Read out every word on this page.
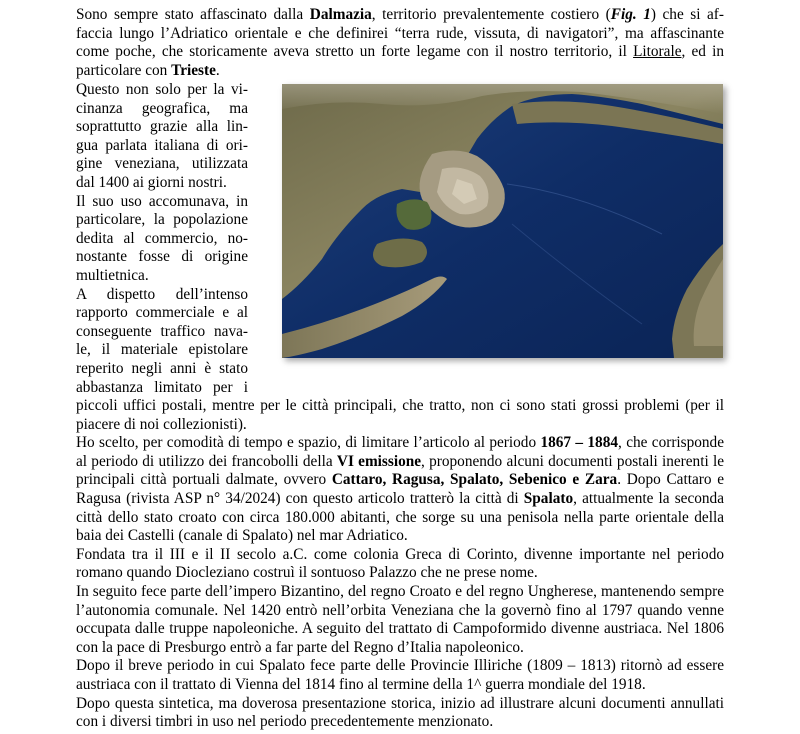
Sono sempre stato affascinato dalla Dalmazia, territorio prevalentemente costiero (Fig. 1) che si af-
faccia lungo l’Adriatico orientale e che definirei “terra rude, vissuta, di navigatori”, ma affascinante
come poche, che storicamente aveva stretto un forte legame con il nostro territorio, il Litorale, ed in
particolare con Trieste.
Questo non solo per la vi-
cinanza geografica, ma
soprattutto grazie alla lin-
gua parlata italiana di ori-
gine veneziana, utilizzata
dal 1400 ai giorni nostri.
Il suo uso accomunava, in
particolare, la popolazione
dedita al commercio, no-
nostante fosse di origine
multietnica.
A dispetto dell’intenso
rapporto commerciale e al
conseguente traffico nava-
le, il materiale epistolare
reperito negli anni è stato
abbastanza limitato per i

piccoli uffici postali, mentre per le città principali, che tratto, non ci sono stati grossi problemi (per il piacere di noi collezionisti).

Ho scelto, per comodità di tempo e spazio, di limitare l’articolo al periodo 1867 – 1884, che corrisponde al periodo di utilizzo dei francobolli della VI emissione, proponendo alcuni documenti postali inerenti le principali città portuali dalmate, ovvero Cattaro, Ragusa, Spalato, Sebenico e Zara. Dopo Cattaro e Ragusa (rivista ASP n° 34/2024) con questo articolo tratterò la città di Spalato, attualmente la seconda città dello stato croato con circa 180.000 abitanti, che sorge su una penisola nella parte orientale della baia dei Castelli (canale di Spalato) nel mar Adriatico.

Fondata tra il III e il II secolo a.C. come colonia Greca di Corinto, divenne importante nel periodo romano quando Diocleziano costruì il sontuoso Palazzo che ne prese nome.

In seguito fece parte dell’impero Bizantino, del regno Croato e del regno Ungherese, mantenendo sempre l’autonomia comunale. Nel 1420 entrò nell’orbita Veneziana che la governò fino al 1797 quando venne occupata dalle truppe napoleoniche. A seguito del trattato di Campoformido divenne austriaca. Nel 1806 con la pace di Presburgo entrò a far parte del Regno d’Italia napoleonico.

Dopo il breve periodo in cui Spalato fece parte delle Provincie Illiriche (1809 – 1813) ritornò ad essere austriaca con il trattato di Vienna del 1814 fino al termine della 1^ guerra mondiale del 1918.

Dopo questa sintetica, ma doverosa presentazione storica, inizio ad illustrare alcuni documenti annullati con i diversi timbri in uso nel periodo precedentemente menzionato.
